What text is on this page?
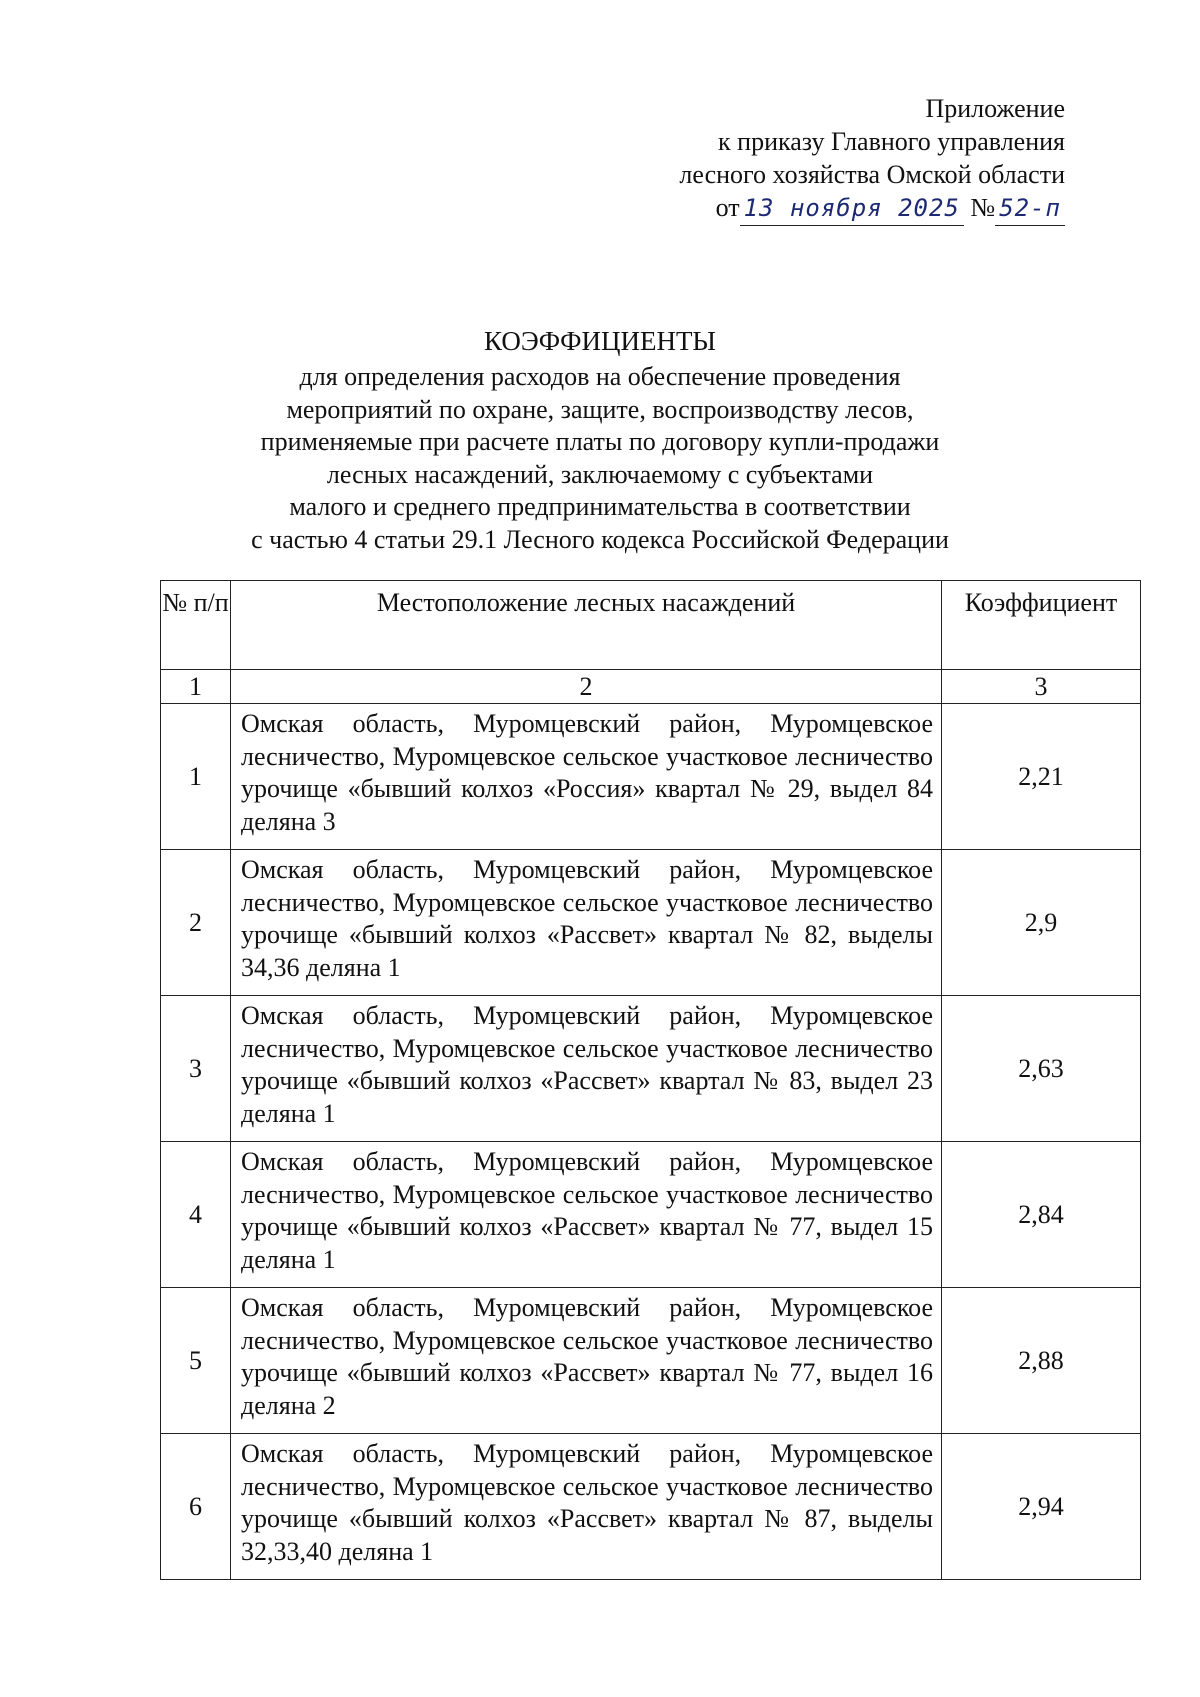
Приложение
к приказу Главного управления
лесного хозяйства Омской области
от 13 ноября 2025 № 52-п
КОЭФФИЦИЕНТЫ
для определения расходов на обеспечение проведения
мероприятий по охране, защите, воспроизводству лесов,
применяемые при расчете платы по договору купли-продажи
лесных насаждений, заключаемому с субъектами
малого и среднего предпринимательства в соответствии
с частью 4 статьи 29.1 Лесного кодекса Российской Федерации
№ п/п	Местоположение лесных насаждений	Коэффициент
1	2	3
1	Омская область, Муромцевский район, Муромцевское лесничество, Муромцевское сельское участковое лесничество урочище «бывший колхоз «Россия» квартал № 29, выдел 84 деляна 3	2,21
2	Омская область, Муромцевский район, Муромцевское лесничество, Муромцевское сельское участковое лесничество урочище «бывший колхоз «Рассвет» квартал № 82, выделы 34,36 деляна 1	2,9
3	Омская область, Муромцевский район, Муромцевское лесничество, Муромцевское сельское участковое лесничество урочище «бывший колхоз «Рассвет» квартал № 83, выдел 23 деляна 1	2,63
4	Омская область, Муромцевский район, Муромцевское лесничество, Муромцевское сельское участковое лесничество урочище «бывший колхоз «Рассвет» квартал № 77, выдел 15 деляна 1	2,84
5	Омская область, Муромцевский район, Муромцевское лесничество, Муромцевское сельское участковое лесничество урочище «бывший колхоз «Рассвет» квартал № 77, выдел 16 деляна 2	2,88
6	Омская область, Муромцевский район, Муромцевское лесничество, Муромцевское сельское участковое лесничество урочище «бывший колхоз «Рассвет» квартал № 87, выделы 32,33,40 деляна 1	2,94
